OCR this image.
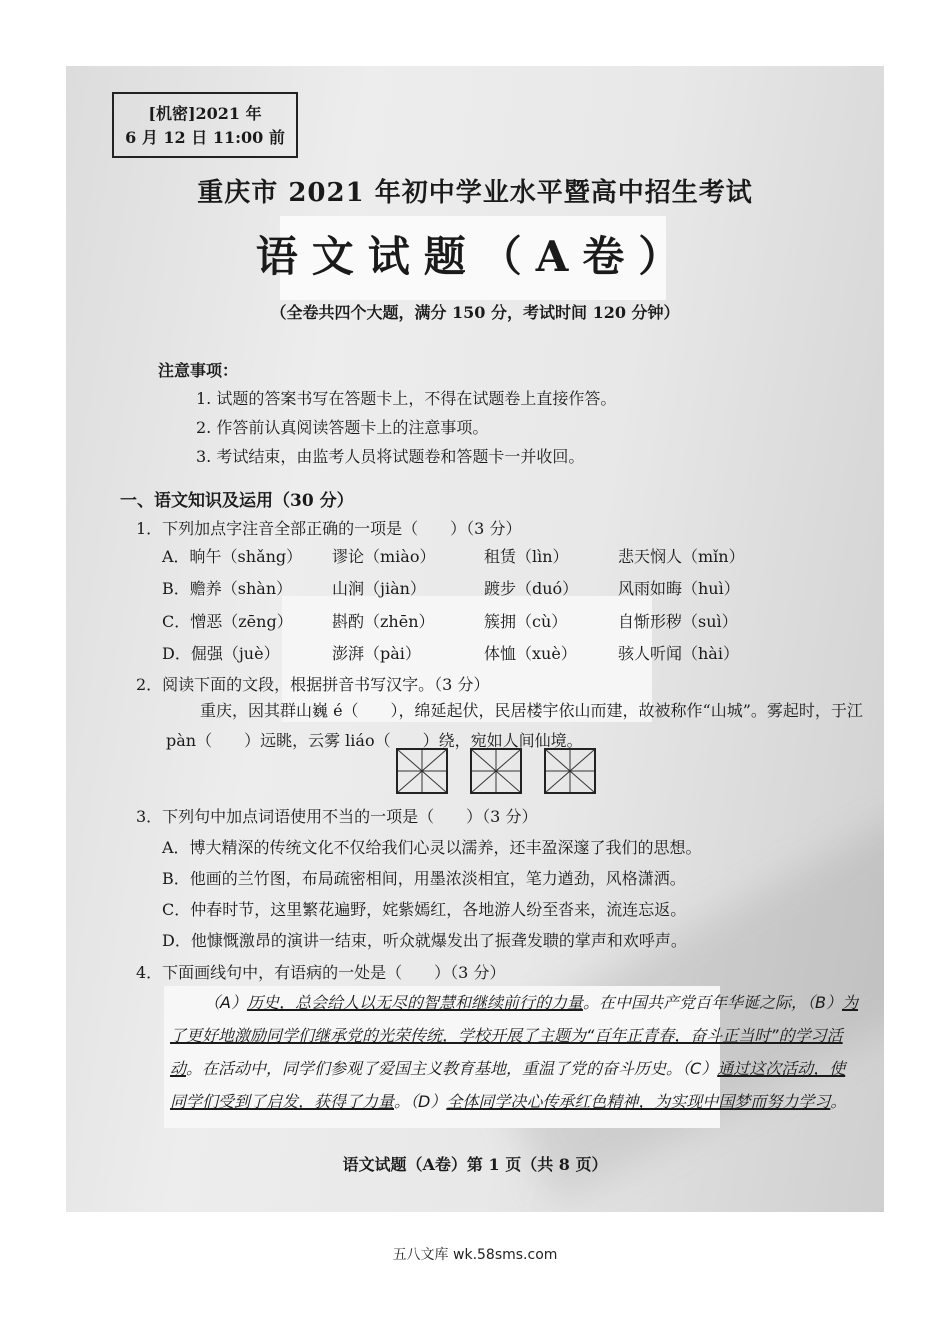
[机密]2021 年
6 月 12 日 11:00 前
重庆市 2021 年初中学业水平暨高中招生考试
语文试题（A卷）
（全卷共四个大题，满分 150 分，考试时间 120 分钟）
注意事项：
1. 试题的答案书写在答题卡上，不得在试题卷上直接作答。
2. 作答前认真阅读答题卡上的注意事项。
3. 考试结束，由监考人员将试题卷和答题卡一并收回。
一、语文知识及运用（30 分）
1．下列加点字注音全部正确的一项是（　　）（3 分）
A．晌午（shǎng） 谬论（miào）	租赁（lìn）	悲天悯人（mǐn）
B．赡养（shàn） 山涧（jiàn）	踱步（duó） 风雨如晦（huì）
C．憎恶（zēng） 斟酌（zhēn）	簇拥（cù）	自惭形秽（suì）
D．倔强（juè）	澎湃（pài）	体恤（xuè）	骇人听闻（hài）
2．阅读下面的文段，根据拼音书写汉字。（3 分）
重庆，因其群山巍 é（　　），绵延起伏，民居楼宇依山而建，故被称作“山城”。雾起时，于江 pàn（　　）远眺，云雾 liáo（　　）绕，宛如人间仙境。
3．下列句中加点词语使用不当的一项是（　　）（3 分）
A．博大精深的传统文化不仅给我们心灵以濡养，还丰盈深邃了我们的思想。
B．他画的兰竹图，布局疏密相间，用墨浓淡相宜，笔力遒劲，风格潇洒。
C．仲春时节，这里繁花遍野，姹紫嫣红，各地游人纷至沓来，流连忘返。
D．他慷慨激昂的演讲一结束，听众就爆发出了振聋发聩的掌声和欢呼声。
4．下面画线句中，有语病的一处是（　　）（3 分）
（A）历史，总会给人以无尽的智慧和继续前行的力量。在中国共产党百年华诞之际，（B）为了更好地激励同学们继承党的光荣传统，学校开展了主题为“百年正青春，奋斗正当时”的学习活动。在活动中，同学们参观了爱国主义教育基地，重温了党的奋斗历史。（C）通过这次活动，使同学们受到了启发，获得了力量。（D）全体同学决心传承红色精神，为实现中国梦而努力学习。
语文试题（A卷）第 1 页（共 8 页）
五八文库 wk.58sms.com
